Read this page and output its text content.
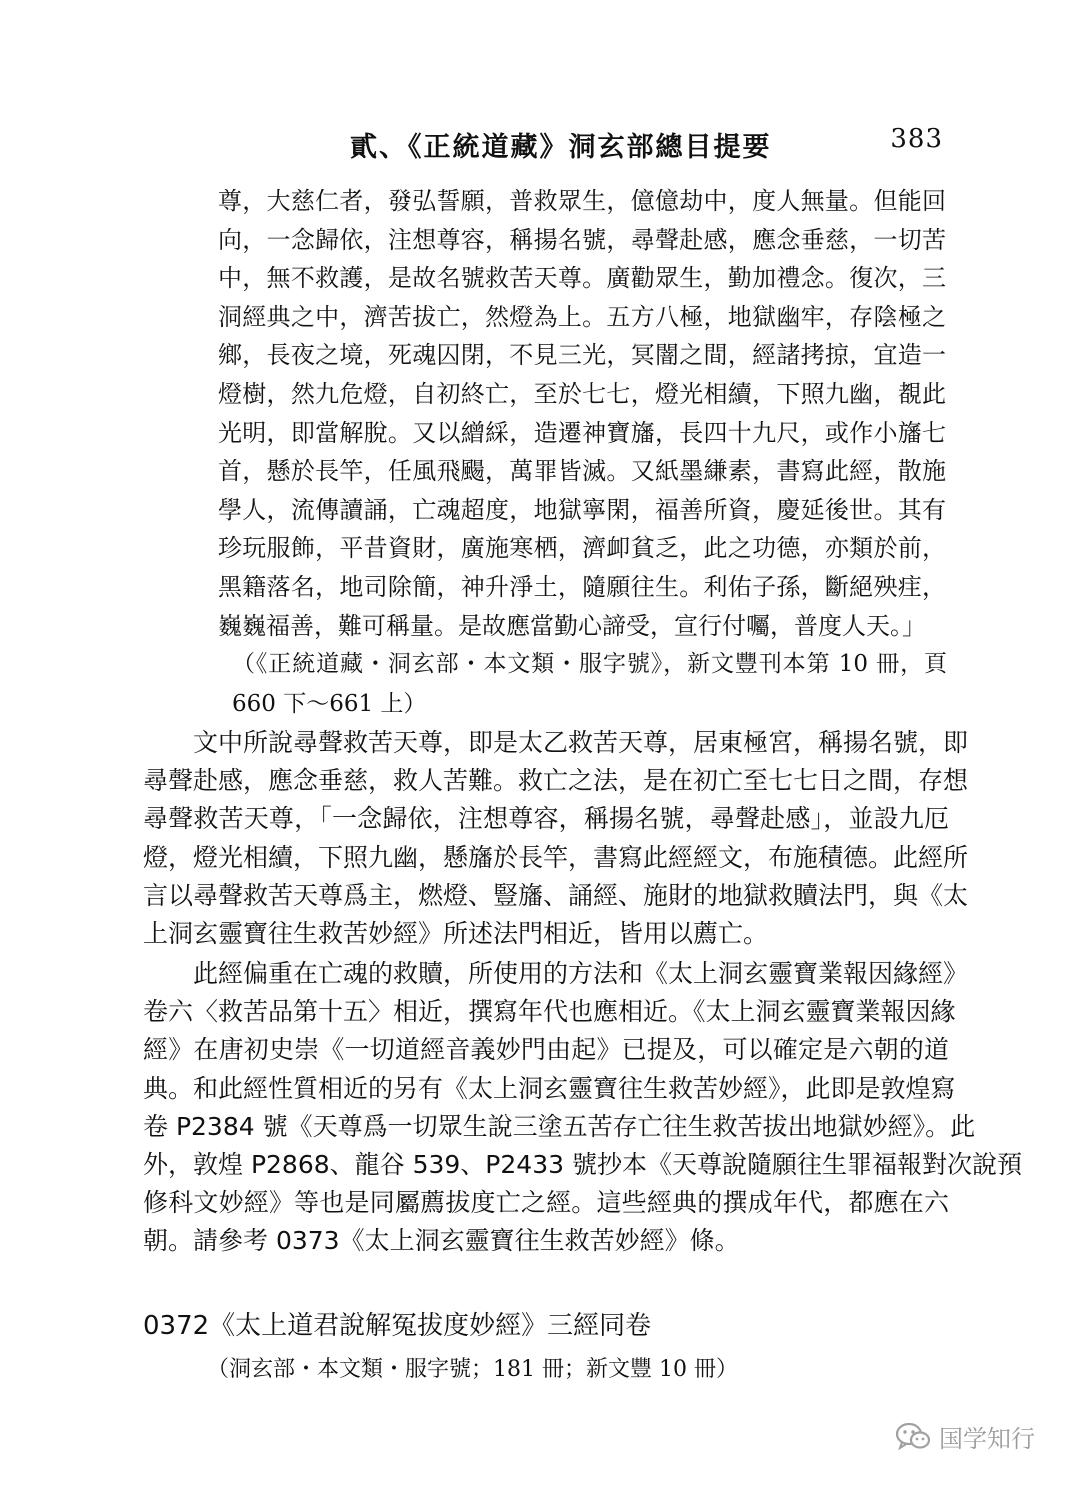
貳、《正統道藏》洞玄部總目提要	383
尊，大慈仁者，發弘誓願，普救眾生，億億劫中，度人無量。但能回
向，一念歸依，注想尊容，稱揚名號，尋聲赴感，應念垂慈，一切苦
中，無不救護，是故名號救苦天尊。廣勸眾生，勤加禮念。復次，三
洞經典之中，濟苦拔亡，然燈為上。五方八極，地獄幽牢，存陰極之
鄉，長夜之境，死魂囚閉，不見三光，冥闇之間，經諸拷掠，宜造一
燈樹，然九危燈，自初終亡，至於七七，燈光相續，下照九幽，覩此
光明，即當解脫。又以繒綵，造遷神寶旛，長四十九尺，或作小旛七
首，懸於長竿，任風飛颺，萬罪皆滅。又紙墨縑素，書寫此經，散施
學人，流傳讀誦，亡魂超度，地獄寧閑，福善所資，慶延後世。其有
珍玩服飾，平昔資財，廣施寒栖，濟卹貧乏，此之功德，亦類於前，
黑籍落名，地司除簡，神升淨土，隨願往生。利佑子孫，斷絕殃疰，
巍巍福善，難可稱量。是故應當勤心諦受，宣行付囑，普度人天。」
（《正統道藏・洞玄部・本文類・服字號》，新文豐刊本第 10 冊，頁
660 下～661 上）
文中所說尋聲救苦天尊，即是太乙救苦天尊，居東極宮，稱揚名號，即
尋聲赴感，應念垂慈，救人苦難。救亡之法，是在初亡至七七日之間，存想
尋聲救苦天尊，「一念歸依，注想尊容，稱揚名號，尋聲赴感」，並設九厄
燈，燈光相續，下照九幽，懸旛於長竿，書寫此經經文，布施積德。此經所
言以尋聲救苦天尊爲主，燃燈、豎旛、誦經、施財的地獄救贖法門，與《太
上洞玄靈寶往生救苦妙經》所述法門相近，皆用以薦亡。
此經偏重在亡魂的救贖，所使用的方法和《太上洞玄靈寶業報因緣經》
卷六〈救苦品第十五〉相近，撰寫年代也應相近。《太上洞玄靈寶業報因緣
經》在唐初史崇《一切道經音義妙門由起》已提及，可以確定是六朝的道
典。和此經性質相近的另有《太上洞玄靈寶往生救苦妙經》，此即是敦煌寫
卷 P2384 號《天尊爲一切眾生說三塗五苦存亡往生救苦拔出地獄妙經》。此
外，敦煌 P2868、龍谷 539、P2433 號抄本《天尊說隨願往生罪福報對次說預
修科文妙經》等也是同屬薦拔度亡之經。這些經典的撰成年代，都應在六
朝。請參考 0373《太上洞玄靈寶往生救苦妙經》條。
0372《太上道君說解冤拔度妙經》三經同卷
（洞玄部・本文類・服字號；181 冊；新文豐 10 冊）
国学知行
